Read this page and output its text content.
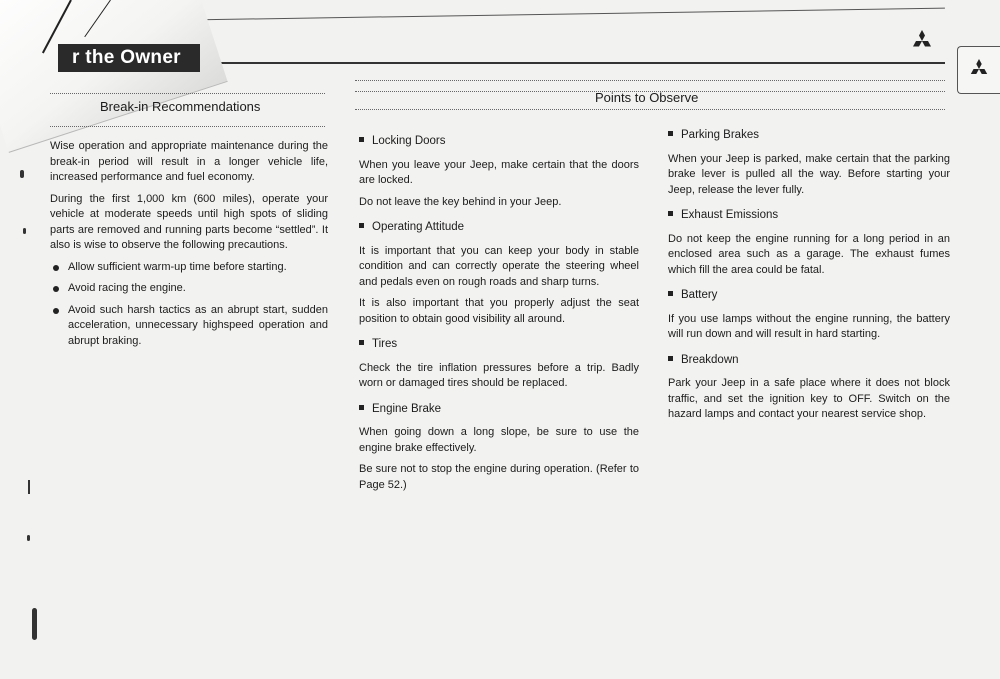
r the Owner
Break-in Recommendations

Wise operation and appropriate maintenance during the break-in period will result in a longer vehicle life, increased performance and fuel economy.

During the first 1,000 km (600 miles), operate your vehicle at moderate speeds until high spots of sliding parts are removed and running parts become “settled”. It also is wise to observe the following precautions.

Allow sufficient warm-up time before starting.
Avoid racing the engine.
Avoid such harsh tactics as an abrupt start, sudden acceleration, unnecessary highspeed operation and abrupt braking.
Points to Observe
Locking Doors

When you leave your Jeep, make certain that the doors are locked.

Do not leave the key behind in your Jeep.

Operating Attitude

It is important that you can keep your body in stable condition and can correctly operate the steering wheel and pedals even on rough roads and sharp turns.

It is also important that you properly adjust the seat position to obtain good visibility all around.

Tires

Check the tire inflation pressures before a trip. Badly worn or damaged tires should be replaced.

Engine Brake

When going down a long slope, be sure to use the engine brake effectively.

Be sure not to stop the engine during operation. (Refer to Page 52.)

Parking Brakes

When your Jeep is parked, make certain that the parking brake lever is pulled all the way. Before starting your Jeep, release the lever fully.

Exhaust Emissions

Do not keep the engine running for a long period in an enclosed area such as a garage. The exhaust fumes which fill the area could be fatal.

Battery

If you use lamps without the engine running, the battery will run down and will result in hard starting.

Breakdown

Park your Jeep in a safe place where it does not block traffic, and set the ignition key to OFF. Switch on the hazard lamps and contact your nearest service shop.
